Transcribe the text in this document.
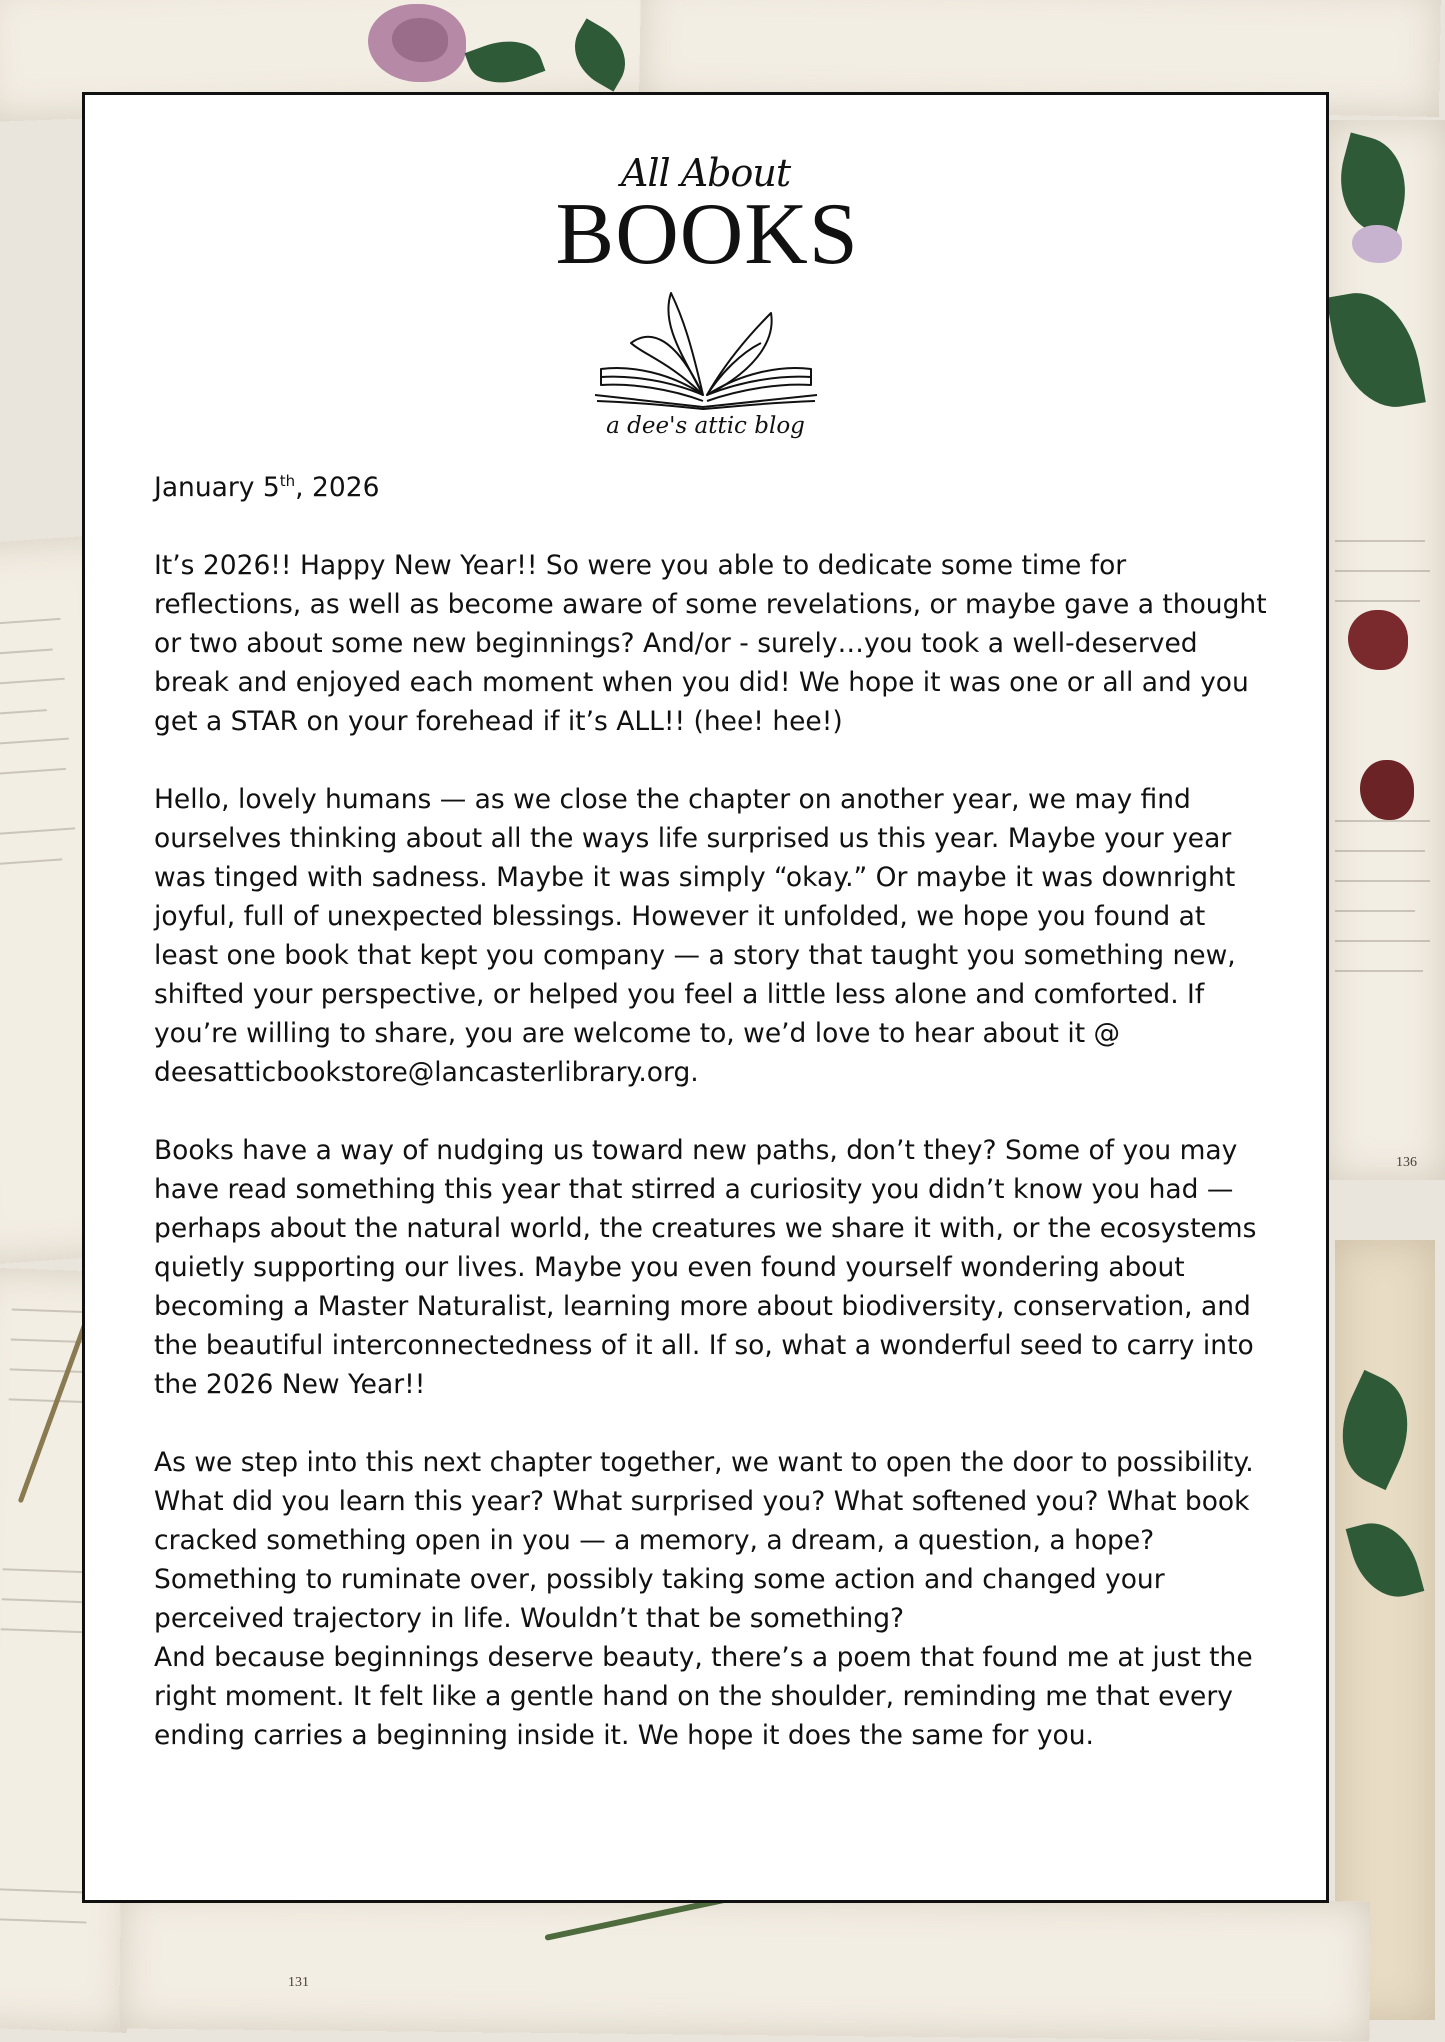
131
136
All About
BOOKS
a dee's attic blog

January 5th, 2026

It’s 2026!! Happy New Year!! So were you able to dedicate some time for reflections, as well as become aware of some revelations, or maybe gave a thought or two about some new beginnings? And/or - surely…you took a well-deserved break and enjoyed each moment when you did! We hope it was one or all and you get a STAR on your forehead if it’s ALL!! (hee! hee!)

Hello, lovely humans — as we close the chapter on another year, we may find ourselves thinking about all the ways life surprised us this year. Maybe your year was tinged with sadness. Maybe it was simply “okay.” Or maybe it was downright joyful, full of unexpected blessings. However it unfolded, we hope you found at least one book that kept you company — a story that taught you something new, shifted your perspective, or helped you feel a little less alone and comforted. If you’re willing to share, you are welcome to, we’d love to hear about it @ deesatticbookstore@lancasterlibrary.org.

Books have a way of nudging us toward new paths, don’t they? Some of you may have read something this year that stirred a curiosity you didn’t know you had — perhaps about the natural world, the creatures we share it with, or the ecosystems quietly supporting our lives. Maybe you even found yourself wondering about becoming a Master Naturalist, learning more about biodiversity, conservation, and the beautiful interconnectedness of it all. If so, what a wonderful seed to carry into the 2026 New Year!!

As we step into this next chapter together, we want to open the door to possibility. What did you learn this year? What surprised you? What softened you? What book cracked something open in you — a memory, a dream, a question, a hope? Something to ruminate over, possibly taking some action and changed your perceived trajectory in life. Wouldn’t that be something?

And because beginnings deserve beauty, there’s a poem that found me at just the right moment. It felt like a gentle hand on the shoulder, reminding me that every ending carries a beginning inside it. We hope it does the same for you.
